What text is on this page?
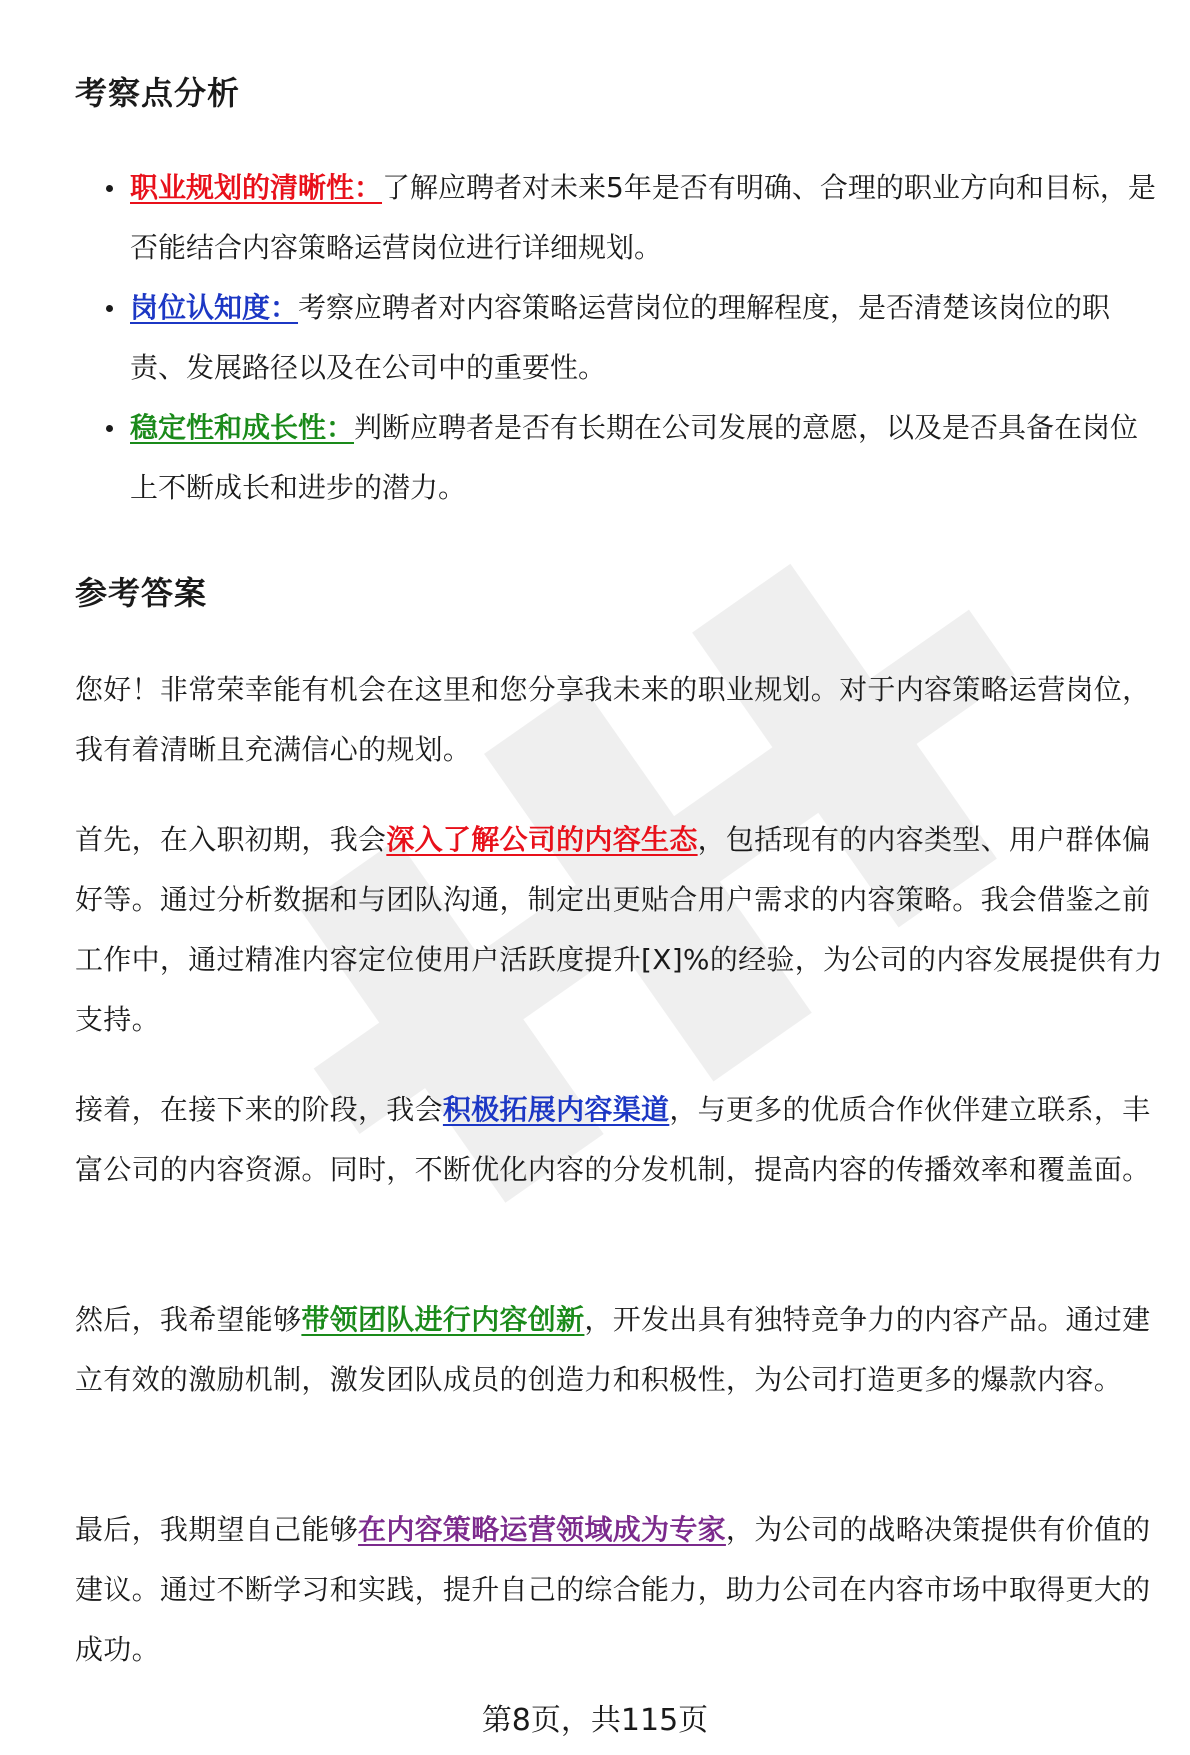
考察点分析
职业规划的清晰性：了解应聘者对未来5年是否有明确、合理的职业方向和目标，是否能结合内容策略运营岗位进行详细规划。
岗位认知度：考察应聘者对内容策略运营岗位的理解程度，是否清楚该岗位的职责、发展路径以及在公司中的重要性。
稳定性和成长性：判断应聘者是否有长期在公司发展的意愿，以及是否具备在岗位上不断成长和进步的潜力。
参考答案

您好！非常荣幸能有机会在这里和您分享我未来的职业规划。对于内容策略运营岗位，我有着清晰且充满信心的规划。

首先，在入职初期，我会深入了解公司的内容生态，包括现有的内容类型、用户群体偏好等。通过分析数据和与团队沟通，制定出更贴合用户需求的内容策略。我会借鉴之前工作中，通过精准内容定位使用户活跃度提升[X]%的经验，为公司的内容发展提供有力支持。

接着，在接下来的阶段，我会积极拓展内容渠道，与更多的优质合作伙伴建立联系，丰富公司的内容资源。同时，不断优化内容的分发机制，提高内容的传播效率和覆盖面。

然后，我希望能够带领团队进行内容创新，开发出具有独特竞争力的内容产品。通过建立有效的激励机制，激发团队成员的创造力和积极性，为公司打造更多的爆款内容。

最后，我期望自己能够在内容策略运营领域成为专家，为公司的战略决策提供有价值的建议。通过不断学习和实践，提升自己的综合能力，助力公司在内容市场中取得更大的成功。

第8页，共115页
